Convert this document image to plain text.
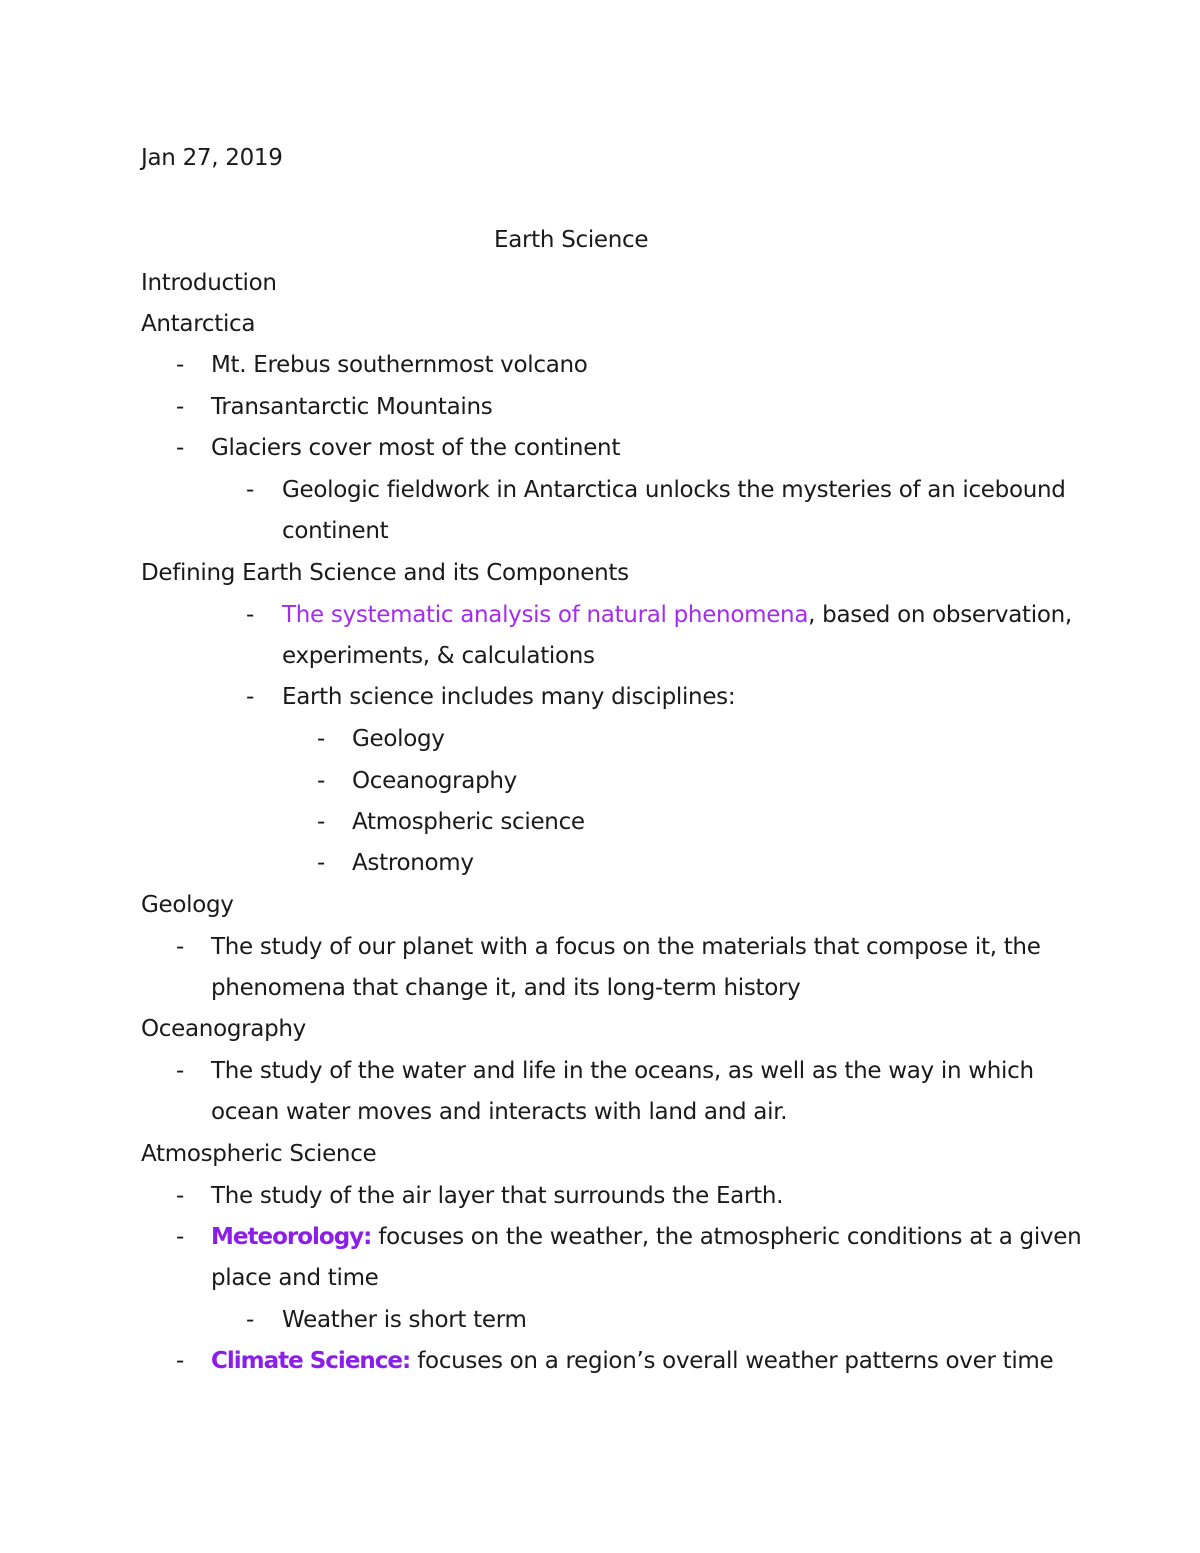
Jan 27, 2019
Earth Science
Introduction
Antarctica
-	Mt. Erebus southernmost volcano
-	Transantarctic Mountains
-	Glaciers cover most of the continent
-	Geologic fieldwork in Antarctica unlocks the mysteries of an icebound
continent
Defining Earth Science and its Components
-	The systematic analysis of natural phenomena, based on observation,
experiments, & calculations
-	Earth science includes many disciplines:
-	Geology
-	Oceanography
-	Atmospheric science
-	Astronomy
Geology
-	The study of our planet with a focus on the materials that compose it, the
phenomena that change it, and its long-term history
Oceanography
-	The study of the water and life in the oceans, as well as the way in which
ocean water moves and interacts with land and air.
Atmospheric Science
-	The study of the air layer that surrounds the Earth.
-	Meteorology: focuses on the weather, the atmospheric conditions at a given
place and time
-	Weather is short term
-	Climate Science: focuses on a region’s overall weather patterns over time
